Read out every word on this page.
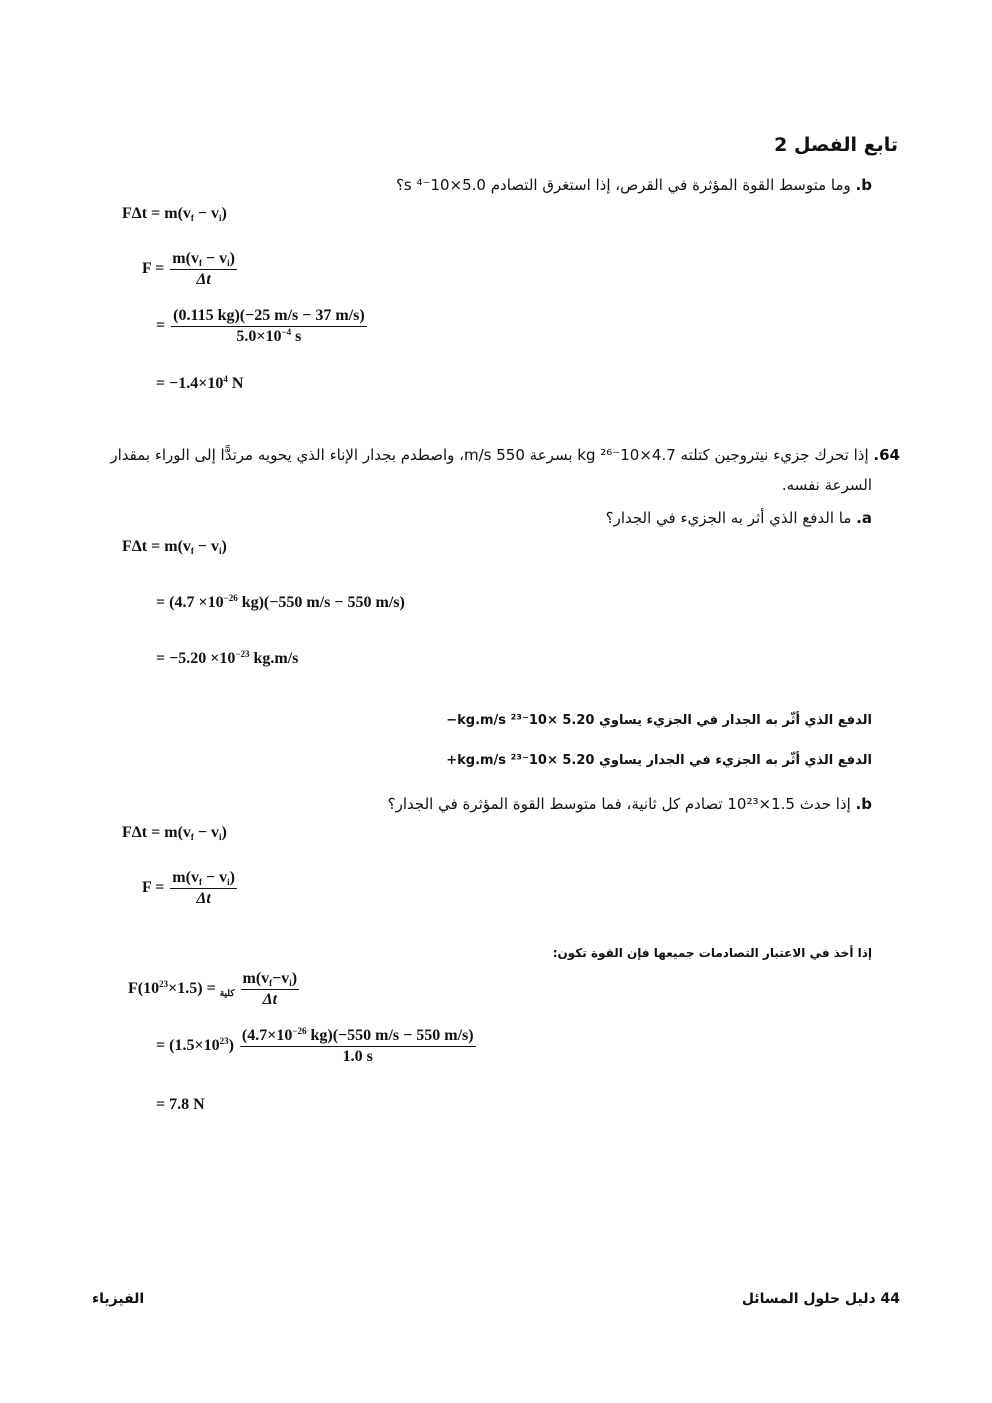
تابع الفصل 2
b. وما متوسط القوة المؤثرة في القرص، إذا استغرق التصادم 5.0×10⁻⁴ s؟
$F\Delta t = m(v_f - v_i)$
$F = \frac{m(v_f - v_i)}{\Delta t}$
= $\frac{(0.115 kg)(-25 m/s - 37 m/s)}{5.0\times 10^{-4} s}$
= $-1.4\times 10^4$ N
64. إذا تحرك جزيء نيتروجين كتلته 4.7×10⁻²⁶ kg بسرعة 550 m/s، واصطدم بجدار الإناء الذي يحويه مرتدًّا إلى الوراء بمقدار
السرعة نفسه.
a. ما الدفع الذي أثر به الجزيء في الجدار؟
$F\Delta t = m(v_f - v_i)$
= ($4.7 \times 10^{-26}$ kg)(−550 m/s − 550 m/s)
= $-5.20 \times 10^{-23}$ kg.m/s
الدفع الذي أثّر به الجدار في الجزيء يساوي 5.20 ×10⁻²³ kg.m/s−
الدفع الذي أثّر به الجزيء في الجدار يساوي 5.20 ×10⁻²³ kg.m/s+
b. إذا حدث 1.5×10²³ تصادم كل ثانية، فما متوسط القوة المؤثرة في الجدار؟
$F\Delta t = m(v_f - v_i)$
$F = \frac{m(v_f - v_i)}{\Delta t}$
إذا أخذ في الاعتبار التصادمات جميعها فإن القوة تكون:
F	$_{كلية} = (1.5\times 10^{23})$	$\frac{m(v_f-v_i)}{\Delta t}$
= $(1.5\times 10^{23}) \frac{(4.7\times 10^{-26} kg)(-550 m/s - 550 m/s)}{1.0 s}$
= 7.8 N
الفيزياء	44 دليل حلول المسائل
